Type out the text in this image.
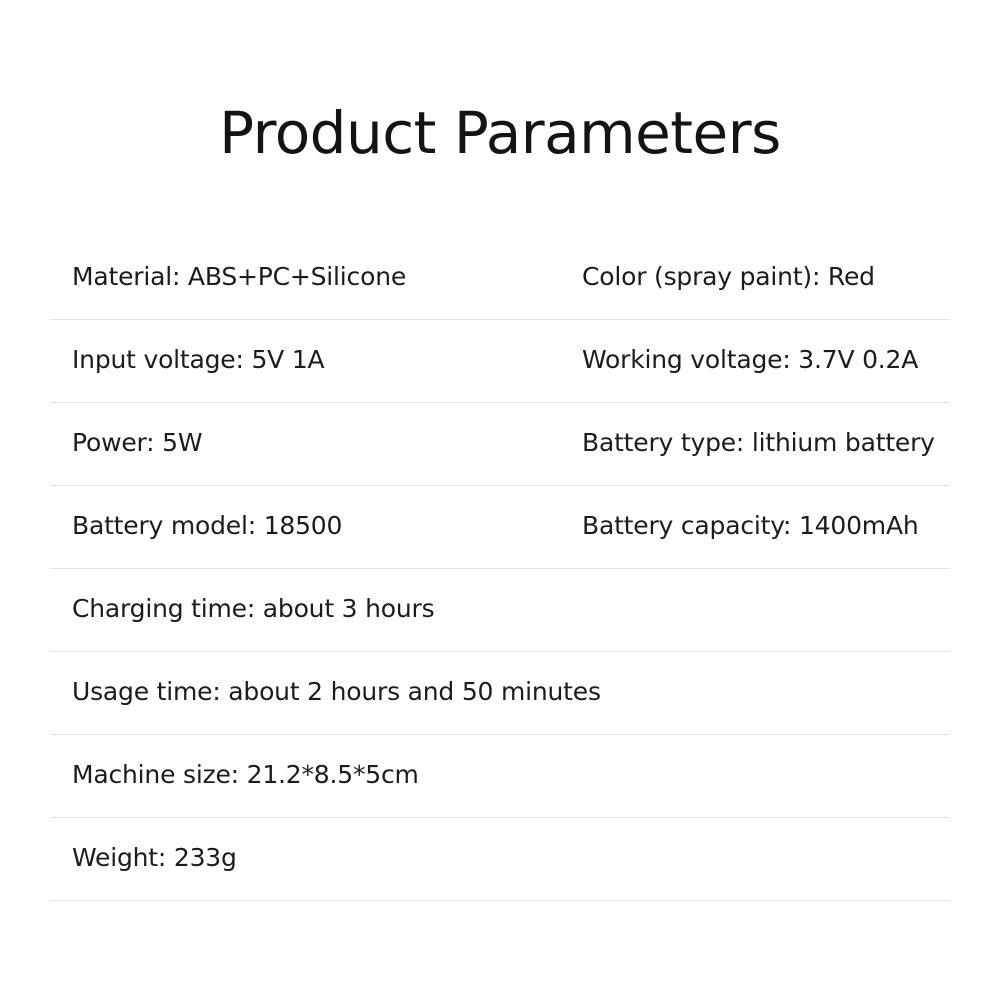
Product Parameters
Material: ABS+PC+Silicone	Color (spray paint): Red
Input voltage: 5V 1A	Working voltage: 3.7V 0.2A
Power: 5W	Battery type: lithium battery
Battery model: 18500	Battery capacity: 1400mAh
Charging time: about 3 hours
Usage time: about 2 hours and 50 minutes
Machine size: 21.2*8.5*5cm
Weight: 233g
